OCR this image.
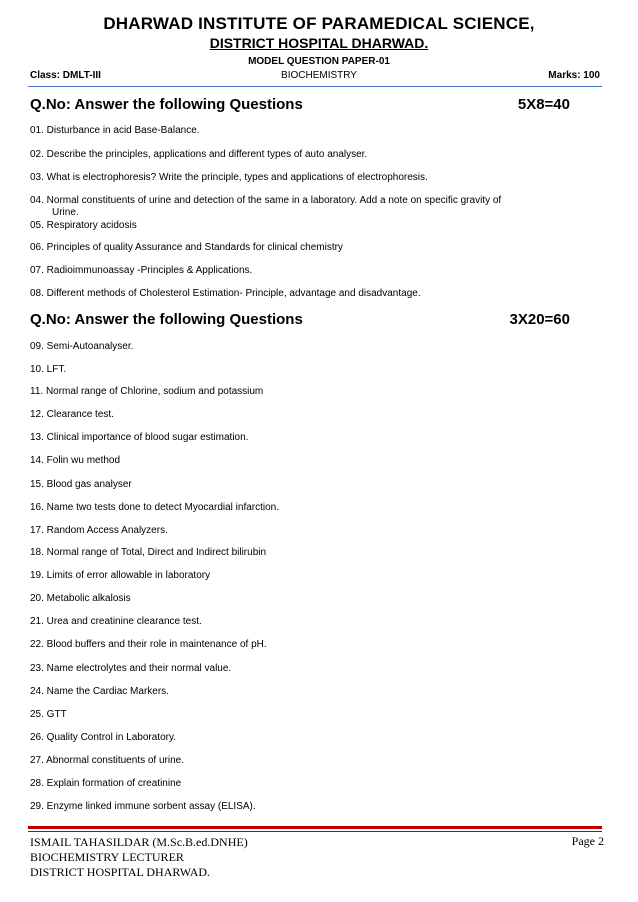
DHARWAD INSTITUTE OF PARAMEDICAL SCIENCE,
DISTRICT HOSPITAL DHARWAD.
MODEL QUESTION PAPER-01
Class: DMLT-III	BIOCHEMISTRY	Marks: 100
Q.No: Answer the following Questions	5X8=40
01. Disturbance in acid Base-Balance.
02. Describe the principles, applications and different types of auto analyser.
03. What is electrophoresis? Write the principle, types and applications of electrophoresis.
04. Normal constituents of urine and detection of the same in a laboratory. Add a note on specific gravity of
Urine.
05. Respiratory acidosis
06. Principles of quality Assurance and Standards for clinical chemistry
07. Radioimmunoassay -Principles & Applications.
08. Different methods of Cholesterol Estimation- Principle, advantage and disadvantage.
Q.No: Answer the following Questions	3X20=60
09. Semi-Autoanalyser.
10. LFT.
11. Normal range of Chlorine, sodium and potassium
12. Clearance test.
13. Clinical importance of blood sugar estimation.
14. Folin wu method
15. Blood gas analyser
16. Name two tests done to detect Myocardial infarction.
17. Random Access Analyzers.
18. Normal range of Total, Direct and Indirect bilirubin
19. Limits of error allowable in laboratory
20. Metabolic alkalosis
21. Urea and creatinine clearance test.
22. Blood buffers and their role in maintenance of pH.
23. Name electrolytes and their normal value.
24. Name the Cardiac Markers.
25. GTT
26. Quality Control in Laboratory.
27. Abnormal constituents of urine.
28. Explain formation of creatinine
29. Enzyme linked immune sorbent assay (ELISA).
ISMAIL TAHASILDAR (M.Sc.B.ed.DNHE)
BIOCHEMISTRY LECTURER
DISTRICT HOSPITAL DHARWAD.
Page 2
